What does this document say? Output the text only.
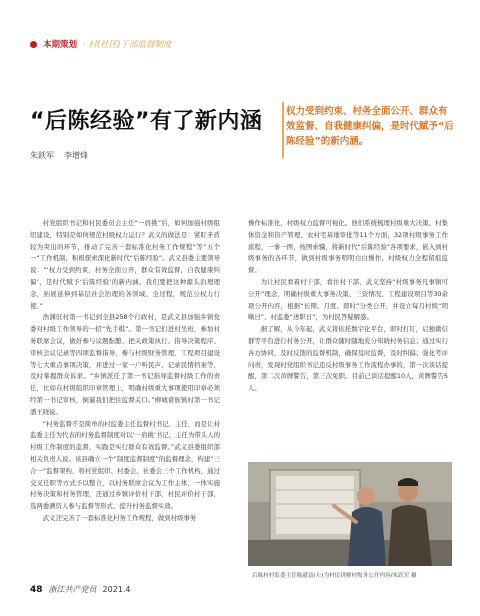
本期策划 · 村(社区)干部监督制度
“后陈经验”有了新内涵
朱跃军 李增烽
权力受到约束、村务全面公开、群众有效监督、自我健康纠偏，是时代赋予“后陈经验”的新内涵。

村党组织书记和村民委员会主任“一肩挑”后，如何加强村级组织建设，特别是如何规范村级权力运行？武义的做法是：紧盯矛盾较为突出的环节，推动了完善一套标准化村务工作规程“等”五个一“工作机制，积极探索深化新时代“后陈经验”。武义县委主要领导说：“‘权力受到约束，村务全面公开，群众有效监督，自我健康纠偏’，是时代赋予‘后陈经验’的新内涵。我们要把这种源头治理理念，拓展延伸到基层社会治理的各领域、全过程，规范公权力行使。”

浩渊驻村第一书记到全县258个行政村，是武义县加强乡镇党委对村级工作领导的一招“先手棋”。第一书记们进村坐班，参加村务联席会议，做好参与议题酝酿、把关政策执行、指导决策程序、审核会议记录等四项监督指导，参与村级财务管理、工程项目建设等七大重点事项决策，并进过一家一户听民声、记录民情档案等，及时掌握群众诉求。“乡镇派任了第一书记指导监督村级工作的责任，比如在村级组织印章管理上，明确村级重大事项使用印章必须经第一书记审核，倒逼我们把住监督关口。”柳城畲族镇村第一书记潘王晓说。

“村务监督不是简单的村监委主任监督村书记、主任，而是让村监委主任为代表的村务监督制度对以‘一肩挑’书记、主任为带头人的村级工作制度的监督，实践是实行群众有效监督。”武义县委组织部相关负责人说。该县确立一个“制度监督制度”的监督理念，构建“三合一”监督架构，将村党组织、村委会、社委会三个工作机构，通过交叉任职等方式予以整合，以村务联席会议为工作主体，一体实施村务决策和村务管理，还通过乡镇评价村干部，村民评价村干部，选两委测资人参与监督等形式，提升村务监督实效。

武义还完善了一套标准化村务工作规程，做到村级事务

操作标准化，村级权力监督可视化。他们系统梳理村级重大决策、村集体资金和资产管理、农村宅基地审批等11个方面，32项村级事务工作流程，一事一图，按图索骥，将新时代“后陈经验”各项要求，嵌入到村级事务的各环节，做到村级事务明明白白操作，村级权力全程留痕监督。

为让村民看着村干部，看住村干部，武义坚持“村级事务凡事镇可公开”理念，明确村级重大事务决策、三资情况、工程建设项目等30余项公开内容，根据“长期、月度、即时”分类公开，并设立每月村级“明晰日”、村监委“述职日”，为村民答疑解惑。

据了解，从今年起，武义将依托数字化平台，即时打钉，启独微信群等平台进行村务公开，让群众随时随地充分知晓村务信息；通过实行各方协同，及时反馈的监督机制，确保及时监督，及时纠偏；强化考评问责，发现村党组织书记违反村级事务工作流程办事的，第一次谈话提醒，第二次黄牌警告，第三次免职。目前已谈话提醒10人，黄牌警告5人。

后陈村村监委主任陈献富(左)为村民讲解村级务公开内容/朱跃军 摄
48 浙江共产党员 2021.4
